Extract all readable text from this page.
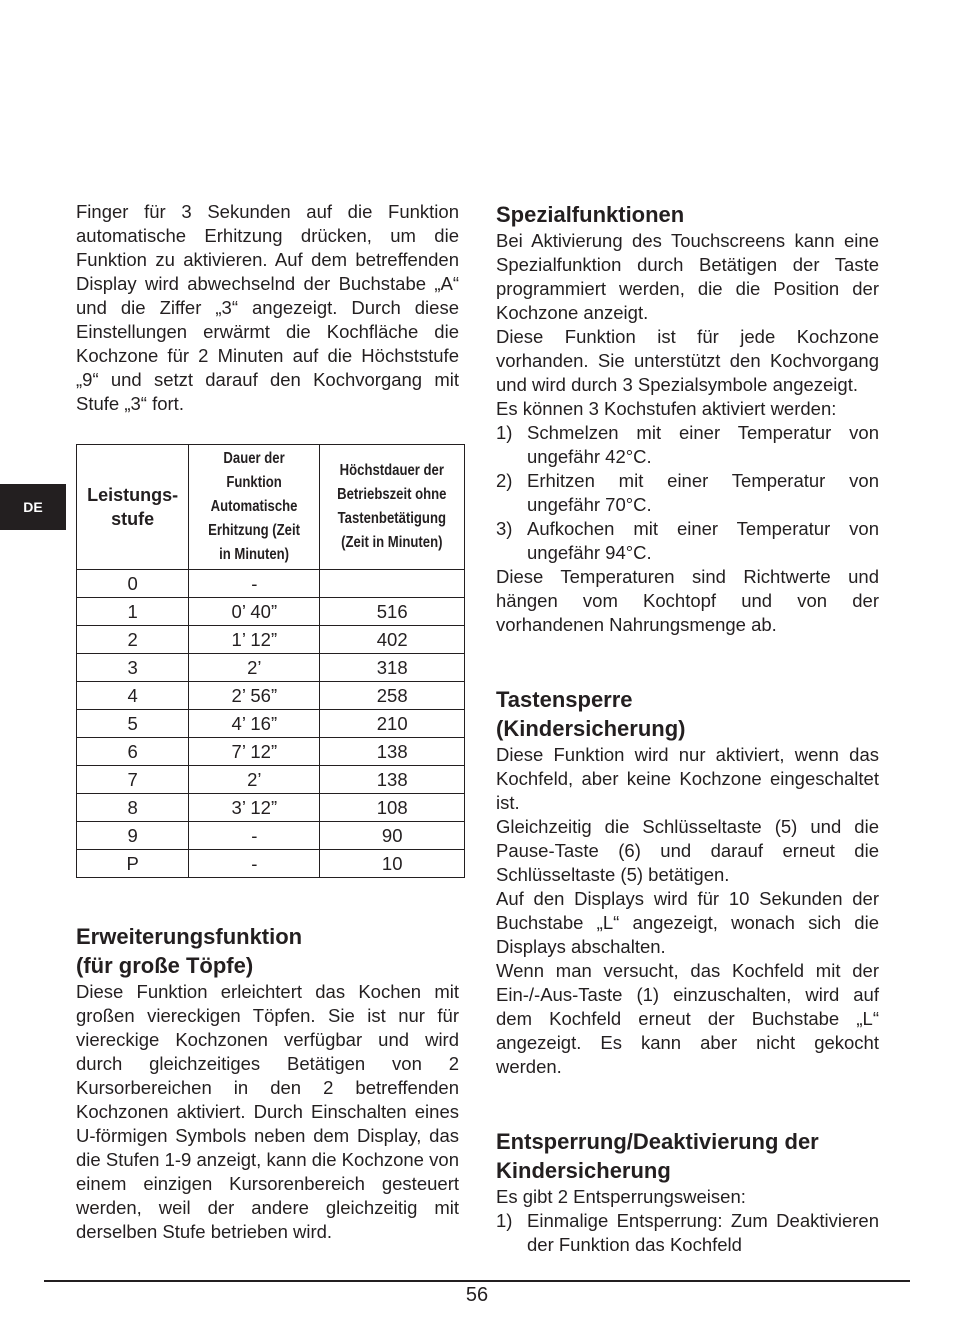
DE

Finger für 3 Sekunden auf die Funktion automatische Erhitzung drücken, um die Funktion zu aktivieren. Auf dem betreffenden Display wird abwechselnd der Buchstabe „A“ und die Ziffer „3“ angezeigt. Durch diese Einstellungen erwärmt die Kochfläche die Kochzone für 2 Minuten auf die Höchststufe „9“ und setzt darauf den Kochvorgang mit Stufe „3“ fort.

Leistungs-stufe	Dauer der Funktion Automatische Erhitzung (Zeit in Minuten)	Höchstdauer der Betriebszeit ohne Tastenbetätigung (Zeit in Minuten)
0	-	
1	0’ 40”	516
2	1’ 12”	402
3	2’	318
4	2’ 56”	258
5	4’ 16”	210
6	7’ 12”	138
7	2’	138
8	3’ 12”	108
9	-	90
P	-	10
Erweiterungsfunktion
(für große Töpfe)

Diese Funktion erleichtert das Kochen mit großen viereckigen Töpfen. Sie ist nur für viereckige Kochzonen verfügbar und wird durch gleichzeitiges Betätigen von 2 Kursorbereichen in den 2 betreffenden Kochzonen aktiviert. Durch Einschalten eines U-förmigen Symbols neben dem Display, das die Stufen 1-9 anzeigt, kann die Kochzone von einem einzigen Kursorenbereich gesteuert werden, weil der andere gleichzeitig mit derselben Stufe betrieben wird.

Spezialfunktionen

Bei Aktivierung des Touchscreens kann eine Spezialfunktion durch Betätigen der Taste programmiert werden, die die Position der Kochzone anzeigt.

Diese Funktion ist für jede Kochzone vorhanden. Sie unterstützt den Kochvorgang und wird durch 3 Spezialsymbole angezeigt.

Es können 3 Kochstufen aktiviert werden:

1) Schmelzen mit einer Temperatur von ungefähr 42°C.
2) Erhitzen mit einer Temperatur von ungefähr 70°C.
3) Aufkochen mit einer Temperatur von ungefähr 94°C.

Diese Temperaturen sind Richtwerte und hängen vom Kochtopf und von der vorhandenen Nahrungsmenge ab.

Tastensperre
(Kindersicherung)

Diese Funktion wird nur aktiviert, wenn das Kochfeld, aber keine Kochzone eingeschaltet ist.

Gleichzeitig die Schlüsseltaste (5) und die Pause-Taste (6) und darauf erneut die Schlüsseltaste (5) betätigen.

Auf den Displays wird für 10 Sekunden der Buchstabe „L“ angezeigt, wonach sich die Displays abschalten.

Wenn man versucht, das Kochfeld mit der Ein-/-Aus-Taste (1) einzuschalten, wird auf dem Kochfeld erneut der Buchstabe „L“ angezeigt. Es kann aber nicht gekocht werden.

Entsperrung/Deaktivierung der
Kindersicherung

Es gibt 2 Entsperrungsweisen:

1) Einmalige Entsperrung: Zum Deaktivieren der Funktion das Kochfeld
56
